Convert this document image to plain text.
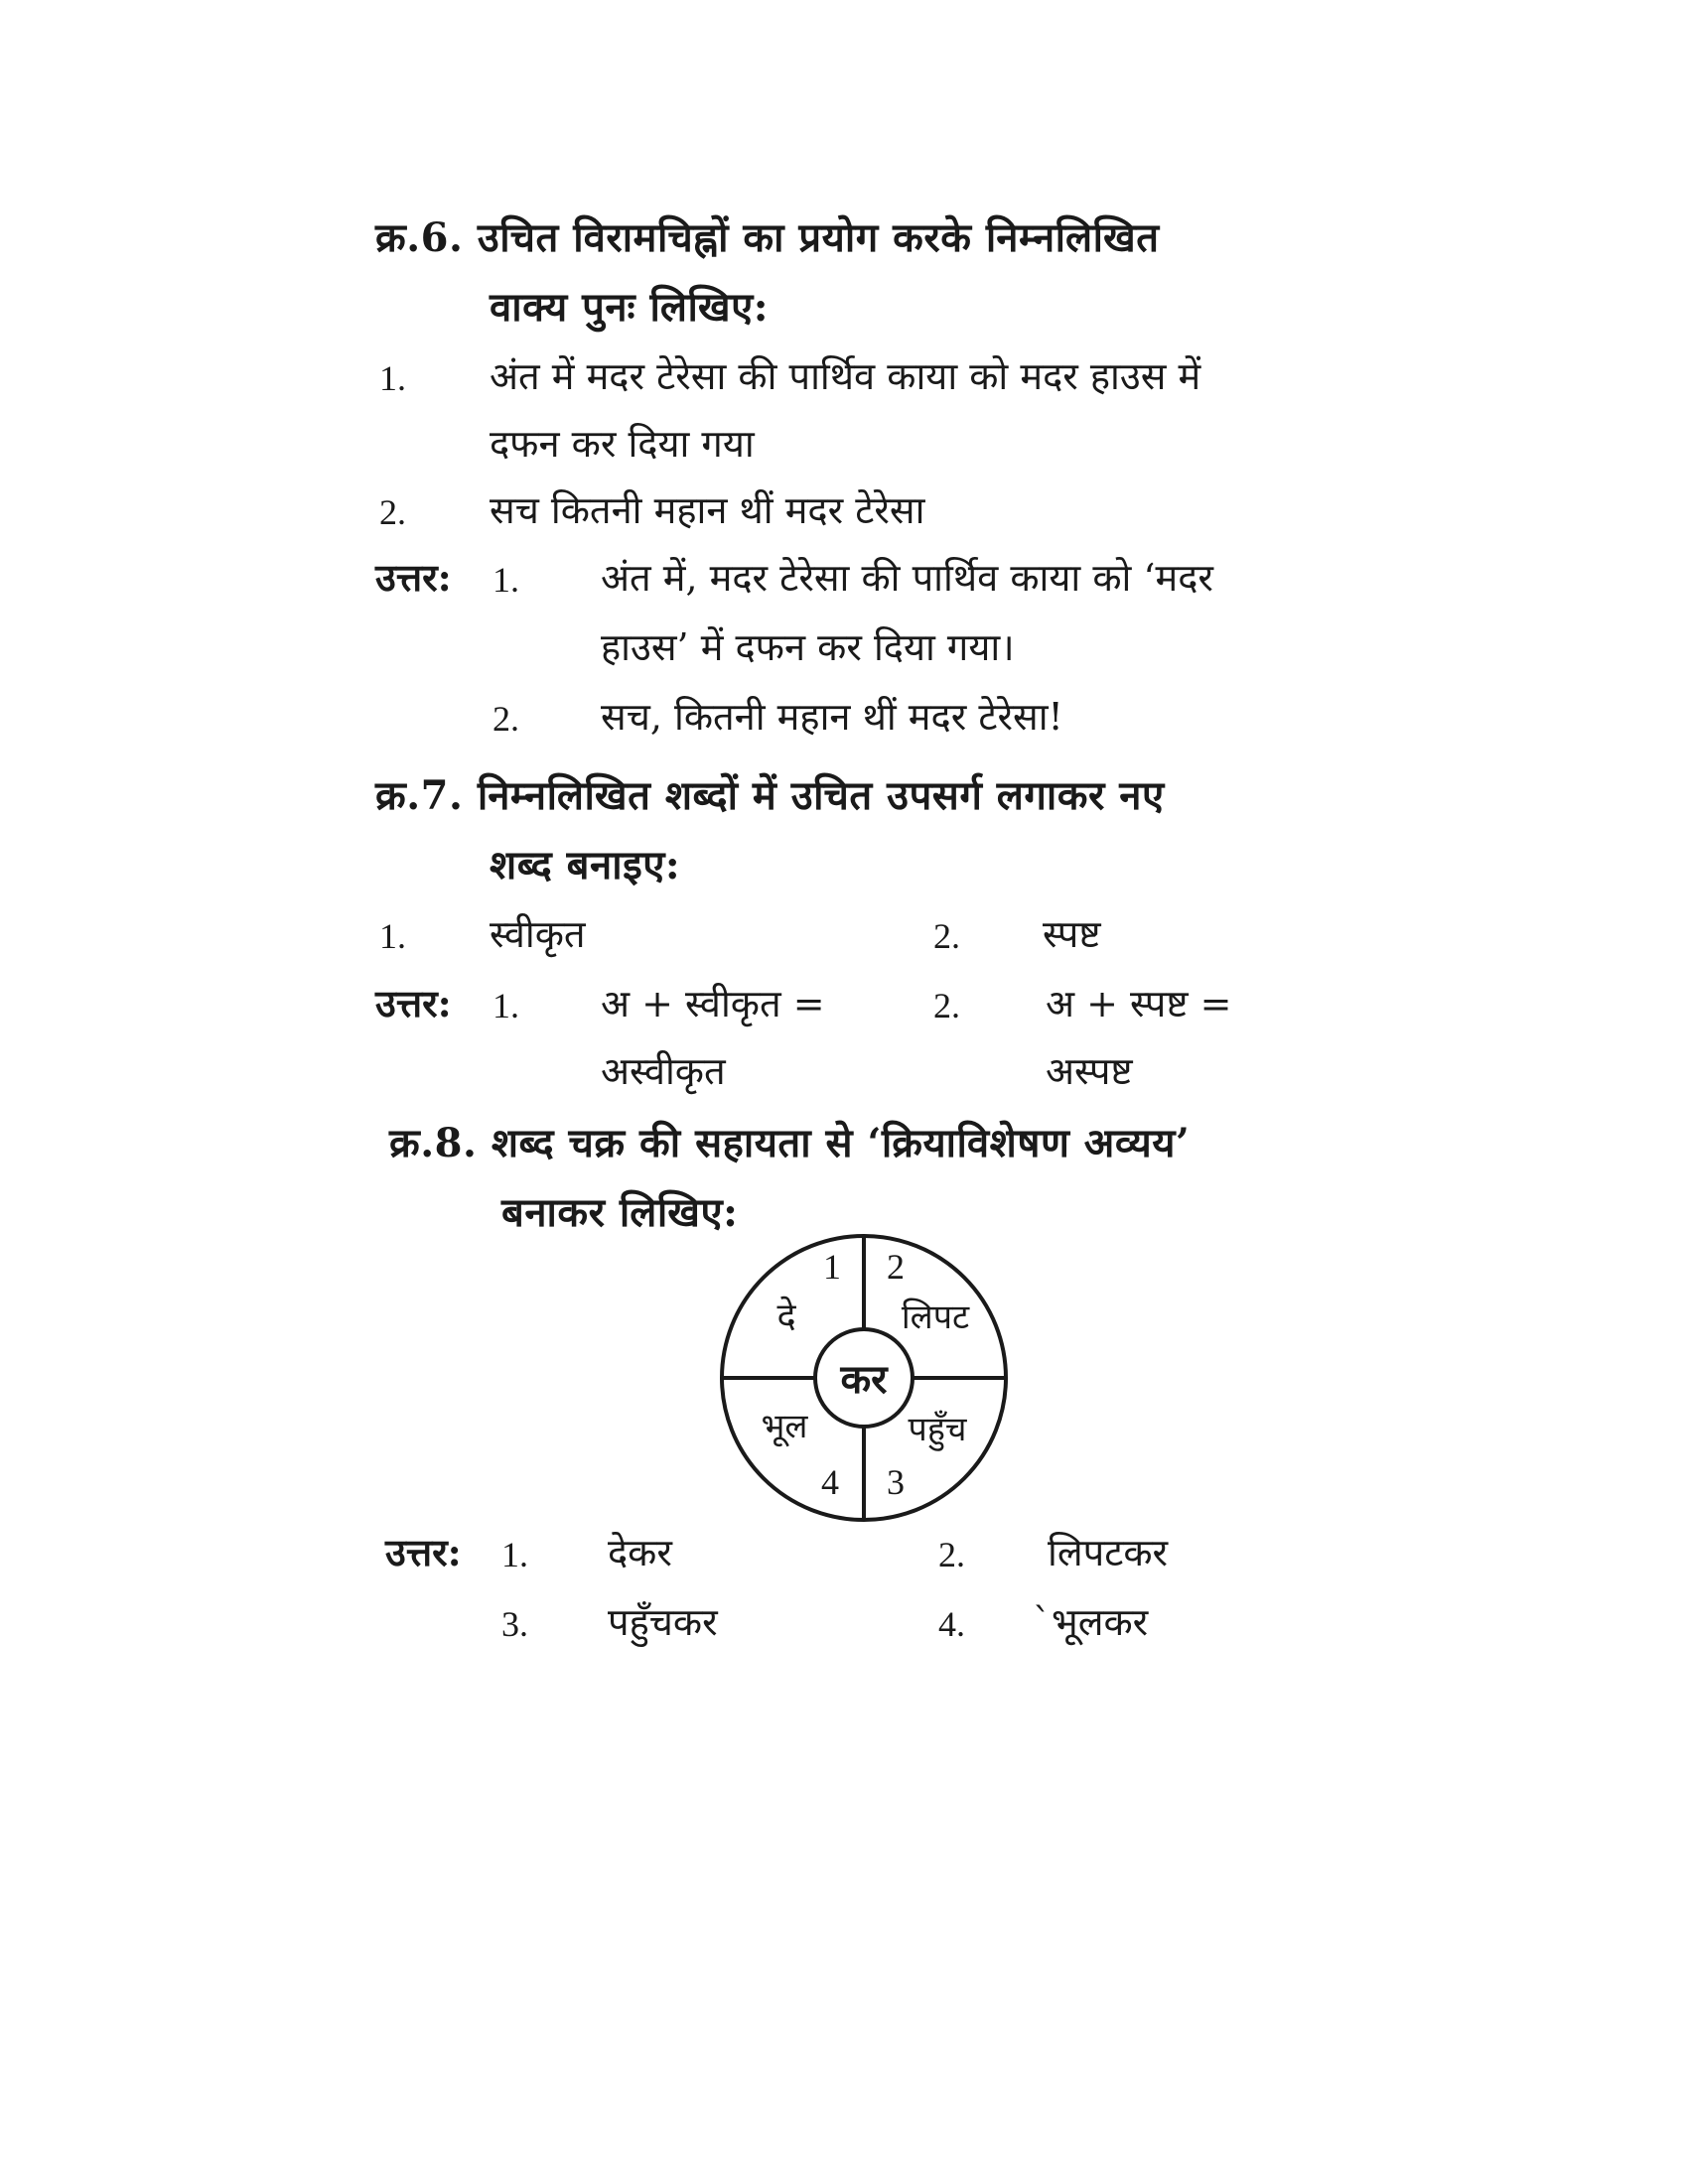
क्र.6. उचित विरामचिह्नों का प्रयोग करके निम्नलिखित
वाक्य पुनः लिखिए:
1. अंत में मदर टेरेसा की पार्थिव काया को मदर हाउस में
दफन कर दिया गया
2. सच कितनी महान थीं मदर टेरेसा
उत्तर: 1. अंत में, मदर टेरेसा की पार्थिव काया को ‘मदर
हाउस’ में दफन कर दिया गया।
2. सच, कितनी महान थीं मदर टेरेसा!
क्र.7. निम्नलिखित शब्दों में उचित उपसर्ग लगाकर नए
शब्द बनाइए:
1. स्वीकृत	2. स्पष्ट
उत्तर: 1. अ + स्वीकृत =
अस्वीकृत
2. अ + स्पष्ट =
अस्पष्ट
क्र.8. शब्द चक्र की सहायता से ‘क्रियाविशेषण अव्यय’
बनाकर लिखिए:
कर
1
दे
2
लिपट
पहुँच
3
भूल
4
उत्तर: 1. देकर	2. लिपटकर
3. पहुँचकर	4. `भूलकर
